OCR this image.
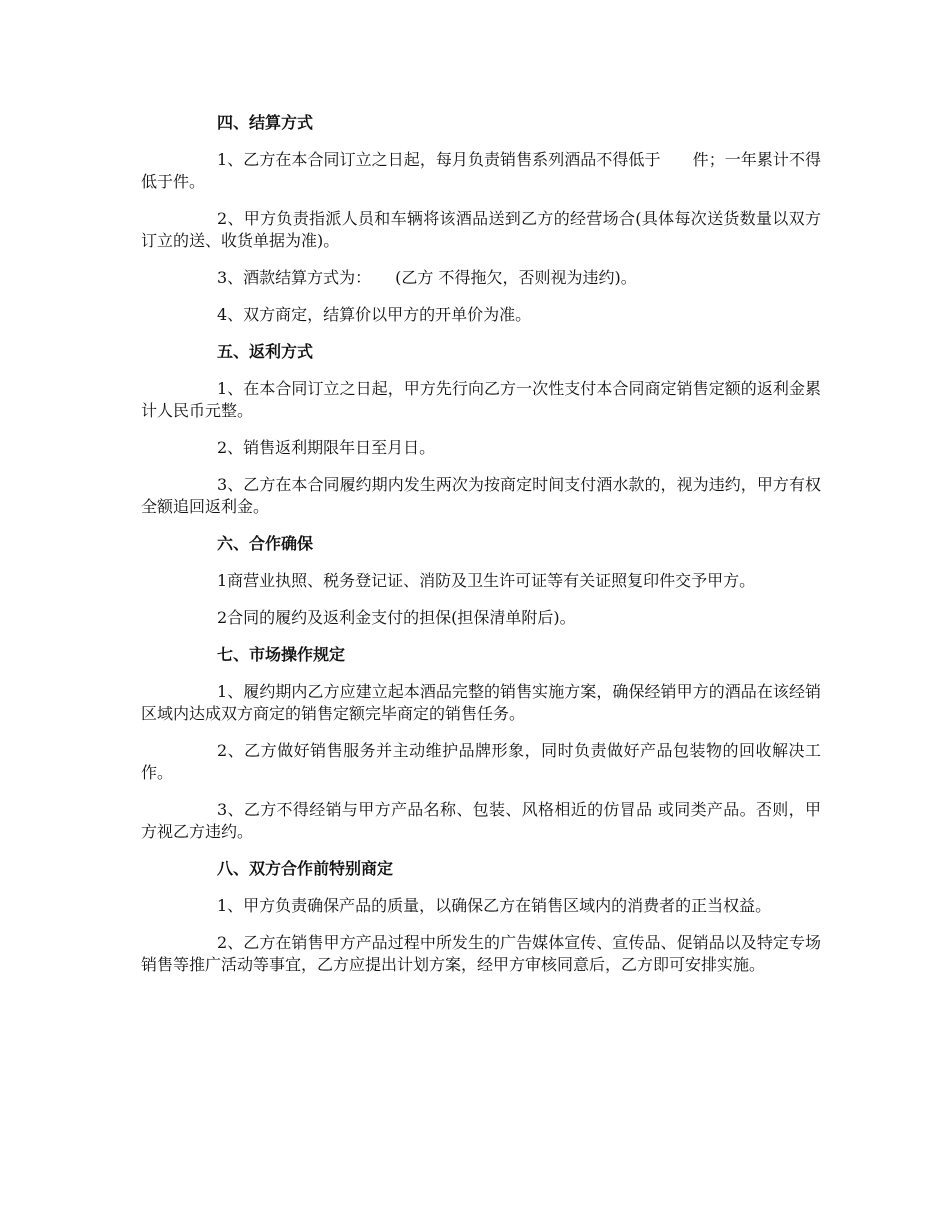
四、结算方式

1、乙方在本合同订立之日起，每月负责销售系列酒品不得低于　　件；一年累计不得低于件。

2、甲方负责指派人员和车辆将该酒品送到乙方的经营场合(具体每次送货数量以双方订立的送、收货单据为准)。

3、酒款结算方式为：　　(乙方 不得拖欠，否则视为违约)。

4、双方商定，结算价以甲方的开单价为准。

五、返利方式

1、在本合同订立之日起，甲方先行向乙方一次性支付本合同商定销售定额的返利金累计人民币元整。

2、销售返利期限年日至月日。

3、乙方在本合同履约期内发生两次为按商定时间支付酒水款的，视为违约，甲方有权全额追回返利金。

六、合作确保

1商营业执照、税务登记证、消防及卫生许可证等有关证照复印件交予甲方。

2合同的履约及返利金支付的担保(担保清单附后)。

七、市场操作规定

1、履约期内乙方应建立起本酒品完整的销售实施方案，确保经销甲方的酒品在该经销区域内达成双方商定的销售定额完毕商定的销售任务。

2、乙方做好销售服务并主动维护品牌形象，同时负责做好产品包装物的回收解决工作。

3、乙方不得经销与甲方产品名称、包装、风格相近的仿冒品 或同类产品。否则，甲方视乙方违约。

八、双方合作前特别商定

1、甲方负责确保产品的质量，以确保乙方在销售区域内的消费者的正当权益。

2、乙方在销售甲方产品过程中所发生的广告媒体宣传、宣传品、促销品以及特定专场销售等推广活动等事宜，乙方应提出计划方案，经甲方审核同意后，乙方即可安排实施。
